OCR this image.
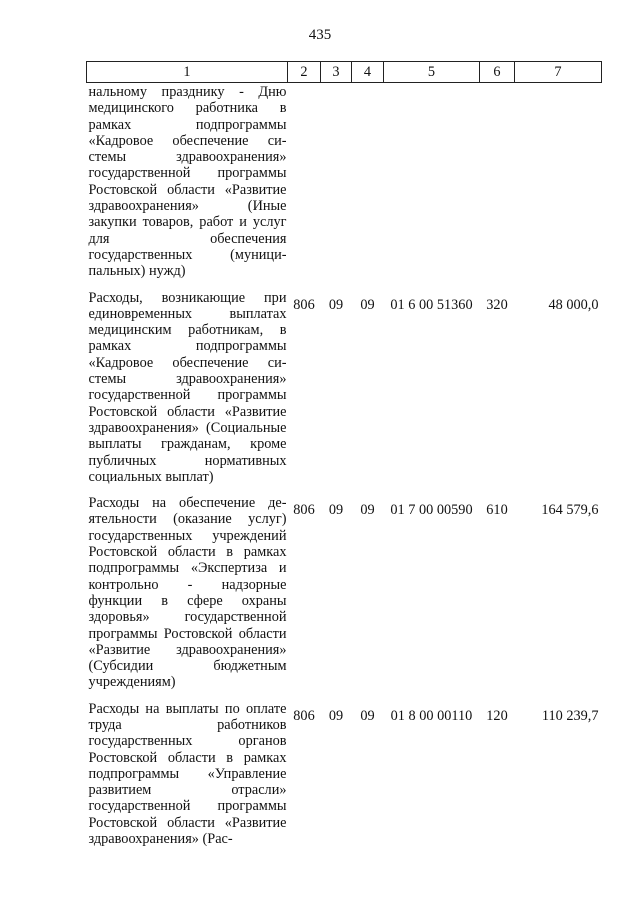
435
1	2	3	4	5	6	7
нальному празднику - Дню медицинского работника в рамках подпрограммы «Кадровое обеспечение системы здравоохранения» государственной программы Ростовской области «Развитие здравоохранения» (Иные закупки товаров, работ и услуг для обеспечения государственных (муниципальных) нужд)						
Расходы, возникающие при единовременных выплатах медицинским работникам, в рамках подпрограммы «Кадровое обеспечение системы здравоохранения» государственной программы Ростовской области «Развитие здравоохранения» (Социальные выплаты гражданам, кроме публичных нормативных социальных выплат)	806	09	09	01 6 00 51360	320	48 000,0
Расходы на обеспечение деятельности (оказание услуг) государственных учреждений Ростовской области в рамках подпрограммы «Экспертиза и контрольно - надзорные функции в сфере охраны здоровья» государственной программы Ростовской области «Развитие здравоохранения» (Субсидии бюджетным учреждениям)	806	09	09	01 7 00 00590	610	164 579,6
Расходы на выплаты по оплате труда работников государственных органов Ростовской области в рамках подпрограммы «Управление развитием отрасли» государственной программы Ростовской области «Развитие здравоохранения» (Рас-	806	09	09	01 8 00 00110	120	110 239,7
